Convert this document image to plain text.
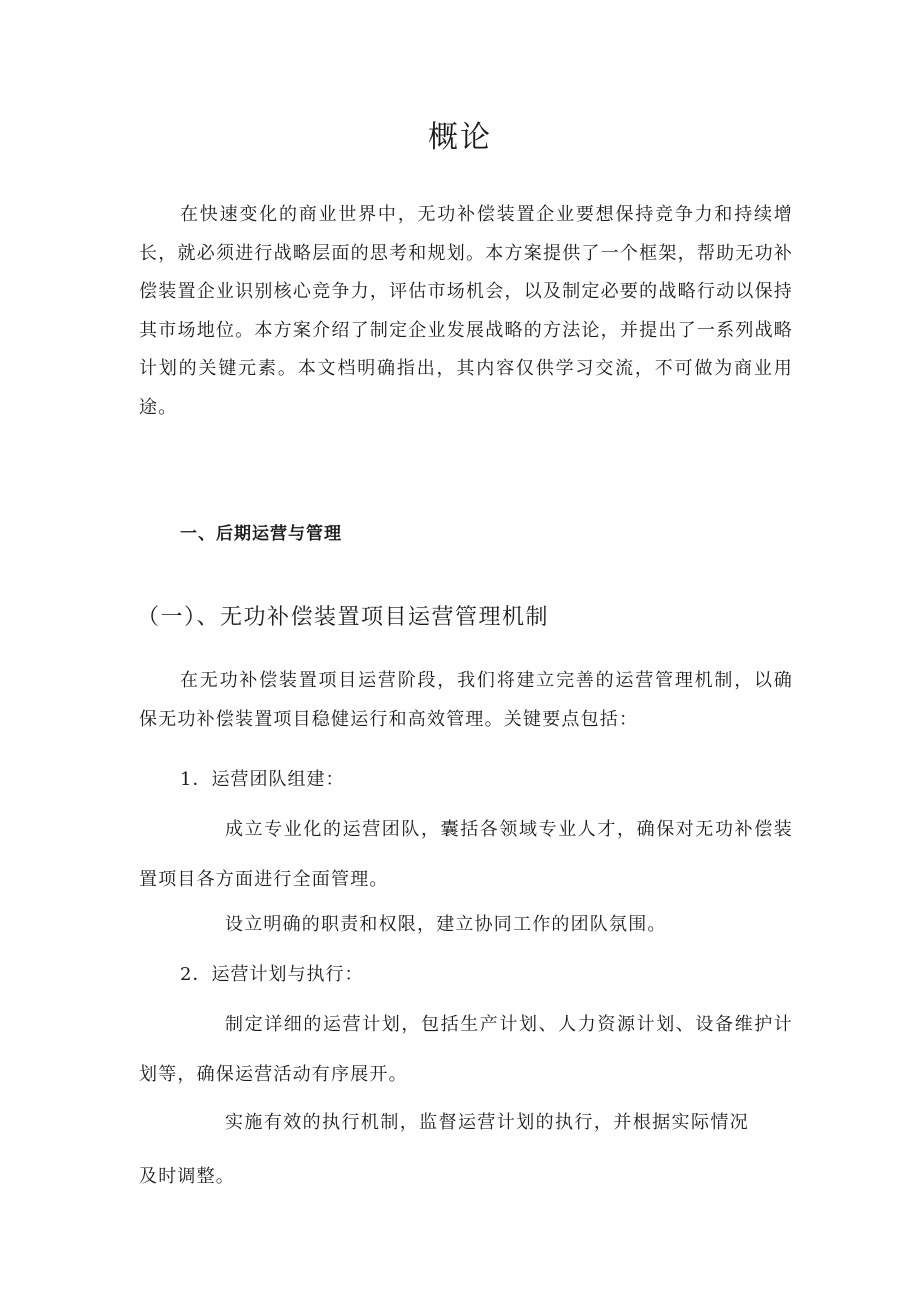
概论

在快速变化的商业世界中，无功补偿装置企业要想保持竞争力和持续增长，就必须进行战略层面的思考和规划。本方案提供了一个框架，帮助无功补偿装置企业识别核心竞争力，评估市场机会，以及制定必要的战略行动以保持其市场地位。本方案介绍了制定企业发展战略的方法论，并提出了一系列战略计划的关键元素。本文档明确指出，其内容仅供学习交流，不可做为商业用途。

一、后期运营与管理
（一）、无功补偿装置项目运营管理机制

在无功补偿装置项目运营阶段，我们将建立完善的运营管理机制，以确保无功补偿装置项目稳健运行和高效管理。关键要点包括：

1．运营团队组建：

成立专业化的运营团队，囊括各领域专业人才，确保对无功补偿装置项目各方面进行全面管理。

设立明确的职责和权限，建立协同工作的团队氛围。

2．运营计划与执行：

制定详细的运营计划，包括生产计划、人力资源计划、设备维护计划等，确保运营活动有序展开。

实施有效的执行机制，监督运营计划的执行，并根据实际情况及时调整。
